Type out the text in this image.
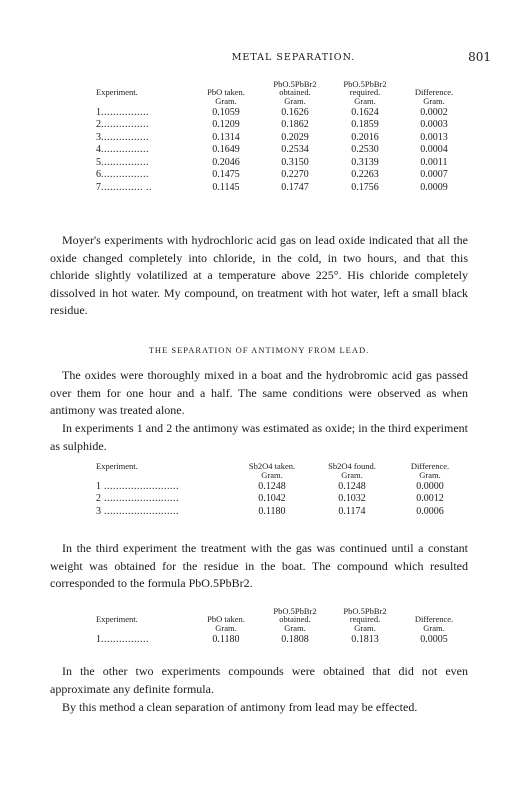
METAL SEPARATION.	801
Experiment.	PbO taken.	PbO.5PbBr2 obtained.	PbO.5PbBr2 required.	Difference.
	Gram.	Gram.	Gram.	Gram.
1................	0.1059	0.1626	0.1624	0.0002
2................	0.1209	0.1862	0.1859	0.0003
3................	0.1314	0.2029	0.2016	0.0013
4................	0.1649	0.2534	0.2530	0.0004
5................	0.2046	0.3150	0.3139	0.0011
6................	0.1475	0.2270	0.2263	0.0007
7.............. ..	0.1145	0.1747	0.1756	0.0009

Moyer's experiments with hydrochloric acid gas on lead oxide indicated that all the oxide changed completely into chloride, in the cold, in two hours, and that this chloride slightly volatilized at a temperature above 225°. His chloride completely dissolved in hot water. My compound, on treatment with hot water, left a small black residue.

THE SEPARATION OF ANTIMONY FROM LEAD.

The oxides were thoroughly mixed in a boat and the hydrobromic acid gas passed over them for one hour and a half. The same conditions were observed as when antimony was treated alone.

In experiments 1 and 2 the antimony was estimated as oxide; in the third experiment as sulphide.

Experiment.	Sb2O4 taken.	Sb2O4 found.	Difference.
	Gram.	Gram.	Gram.
1 .........................	0.1248	0.1248	0.0000
2 .........................	0.1042	0.1032	0.0012
3 .........................	0.1180	0.1174	0.0006

In the third experiment the treatment with the gas was continued until a constant weight was obtained for the residue in the boat. The compound which resulted corresponded to the formula PbO.5PbBr2.

Experiment.	PbO taken.	PbO.5PbBr2 obtained.	PbO.5PbBr2 required.	Difference.
	Gram.	Gram.	Gram.	Gram.
1................	0.1180	0.1808	0.1813	0.0005

In the other two experiments compounds were obtained that did not even approximate any definite formula.

By this method a clean separation of antimony from lead may be effected.
